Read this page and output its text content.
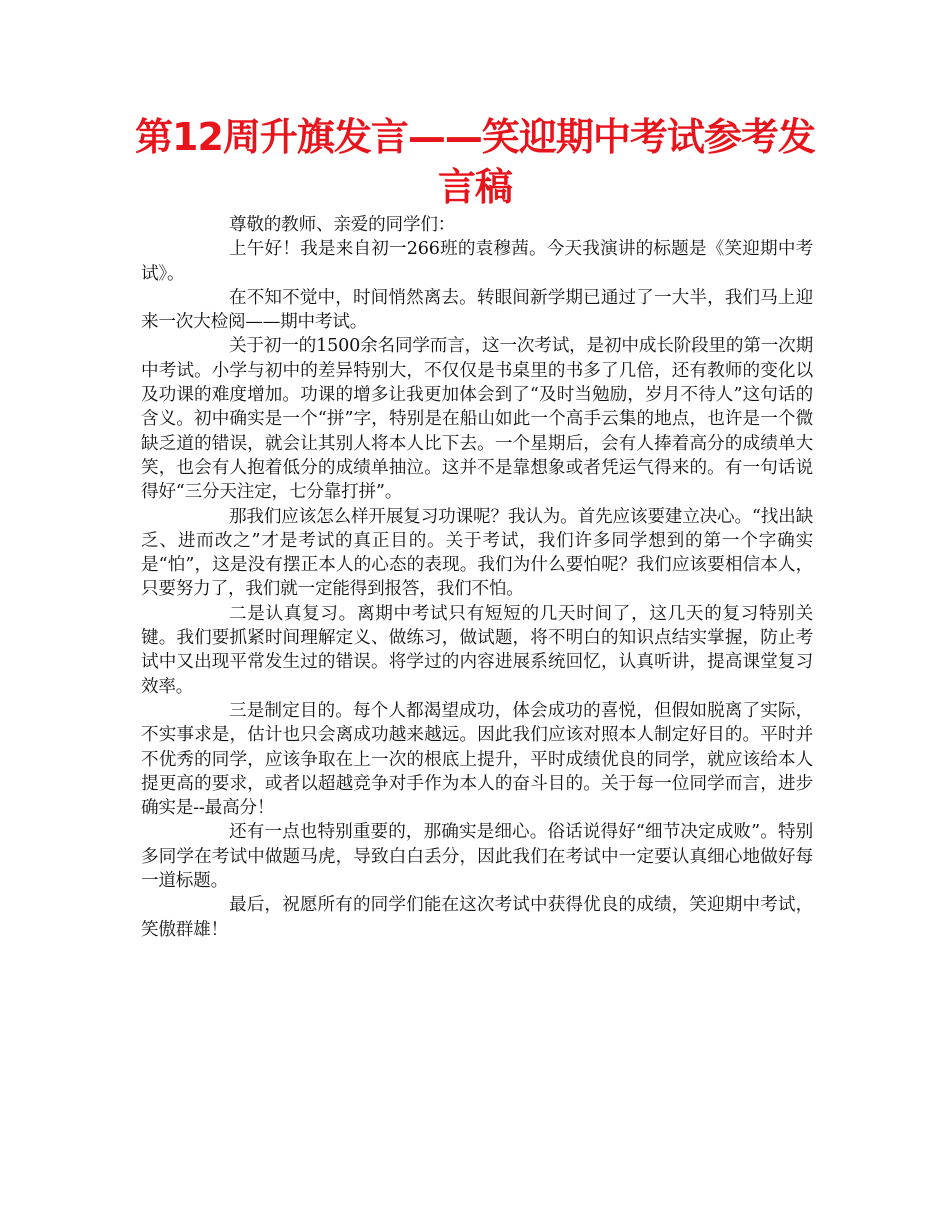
第12周升旗发言——笑迎期中考试参考发言稿

尊敬的教师、亲爱的同学们：

上午好！我是来自初一266班的袁穆茜。今天我演讲的标题是《笑迎期中考试》。

在不知不觉中，时间悄然离去。转眼间新学期已通过了一大半，我们马上迎来一次大检阅——期中考试。

关于初一的1500余名同学而言，这一次考试，是初中成长阶段里的第一次期中考试。小学与初中的差异特别大，不仅仅是书桌里的书多了几倍，还有教师的变化以及功课的难度增加。功课的增多让我更加体会到了“及时当勉励，岁月不待人”这句话的含义。初中确实是一个“拼”字，特别是在船山如此一个高手云集的地点，也许是一个微缺乏道的错误，就会让其别人将本人比下去。一个星期后，会有人捧着高分的成绩单大笑，也会有人抱着低分的成绩单抽泣。这并不是靠想象或者凭运气得来的。有一句话说得好“三分天注定，七分靠打拼”。

那我们应该怎么样开展复习功课呢？我认为。首先应该要建立决心。“找出缺乏、进而改之”才是考试的真正目的。关于考试，我们许多同学想到的第一个字确实是“怕”，这是没有摆正本人的心态的表现。我们为什么要怕呢？我们应该要相信本人，只要努力了，我们就一定能得到报答，我们不怕。

二是认真复习。离期中考试只有短短的几天时间了，这几天的复习特别关键。我们要抓紧时间理解定义、做练习，做试题，将不明白的知识点结实掌握，防止考试中又出现平常发生过的错误。将学过的内容进展系统回忆，认真听讲，提高课堂复习效率。

三是制定目的。每个人都渴望成功，体会成功的喜悦，但假如脱离了实际，不实事求是，估计也只会离成功越来越远。因此我们应该对照本人制定好目的。平时并不优秀的同学，应该争取在上一次的根底上提升，平时成绩优良的同学，就应该给本人提更高的要求，或者以超越竞争对手作为本人的奋斗目的。关于每一位同学而言，进步确实是--最高分！

还有一点也特别重要的，那确实是细心。俗话说得好“细节决定成败”。特别多同学在考试中做题马虎，导致白白丢分，因此我们在考试中一定要认真细心地做好每一道标题。

最后，祝愿所有的同学们能在这次考试中获得优良的成绩，笑迎期中考试，笑傲群雄！
